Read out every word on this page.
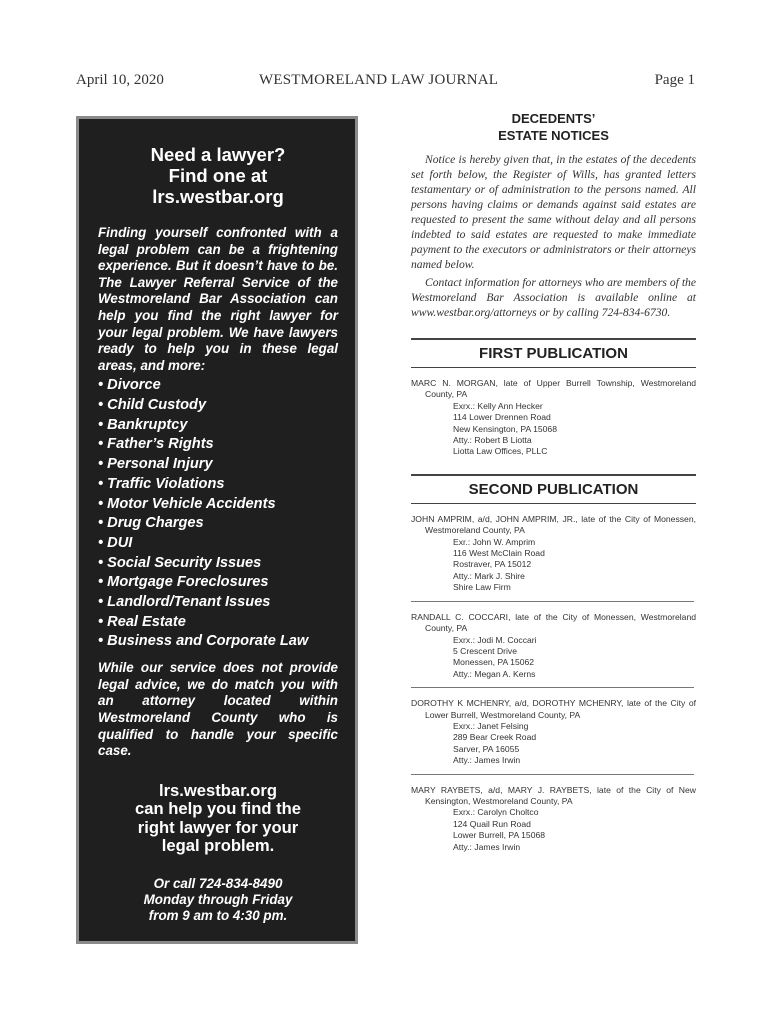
April 10, 2020	WESTMORELAND LAW JOURNAL	Page 1
Need a lawyer?
Find one at
lrs.westbar.org
Finding yourself confronted with a legal problem can be a frightening experience. But it doesn’t have to be. The Lawyer Referral Service of the Westmoreland Bar Association can help you find the right lawyer for your legal problem. We have lawyers ready to help you in these legal areas, and more:
• Divorce
• Child Custody
• Bankruptcy
• Father’s Rights
• Personal Injury
• Traffic Violations
• Motor Vehicle Accidents
• Drug Charges
• DUI
• Social Security Issues
• Mortgage Foreclosures
• Landlord/Tenant Issues
• Real Estate
• Business and Corporate Law
While our service does not provide legal advice, we do match you with an attorney located within Westmoreland County who is qualified to handle your specific case.
lrs.westbar.org
can help you find the
right lawyer for your
legal problem.
Or call 724-834-8490
Monday through Friday
from 9 am to 4:30 pm.
DECEDENTS’
ESTATE NOTICES

Notice is hereby given that, in the estates of the decedents set forth below, the Register of Wills, has granted letters testamentary or of administration to the persons named. All persons having claims or demands against said estates are requested to present the same without delay and all persons indebted to said estates are requested to make immediate payment to the executors or administrators or their attorneys named below.

Contact information for attorneys who are members of the Westmoreland Bar Association is available online at www.westbar.org/attorneys or by calling 724-834-6730.

FIRST PUBLICATION
MARC N. MORGAN, late of Upper Burrell Township, Westmoreland County, PA
Exrx.: Kelly Ann Hecker
114 Lower Drennen Road
New Kensington, PA 15068
Atty.: Robert B Liotta
Liotta Law Offices, PLLC
SECOND PUBLICATION
JOHN AMPRIM, a/d, JOHN AMPRIM, JR., late of the City of Monessen, Westmoreland County, PA
Exr.: John W. Amprim
116 West McClain Road
Rostraver, PA 15012
Atty.: Mark J. Shire
Shire Law Firm
RANDALL C. COCCARI, late of the City of Monessen, Westmoreland County, PA
Exrx.: Jodi M. Coccari
5 Crescent Drive
Monessen, PA 15062
Atty.: Megan A. Kerns
DOROTHY K MCHENRY, a/d, DOROTHY MCHENRY, late of the City of Lower Burrell, Westmoreland County, PA
Exrx.: Janet Felsing
289 Bear Creek Road
Sarver, PA 16055
Atty.: James Irwin
MARY RAYBETS, a/d, MARY J. RAYBETS, late of the City of New Kensington, Westmoreland County, PA
Exrx.: Carolyn Choltco
124 Quail Run Road
Lower Burrell, PA 15068
Atty.: James Irwin
